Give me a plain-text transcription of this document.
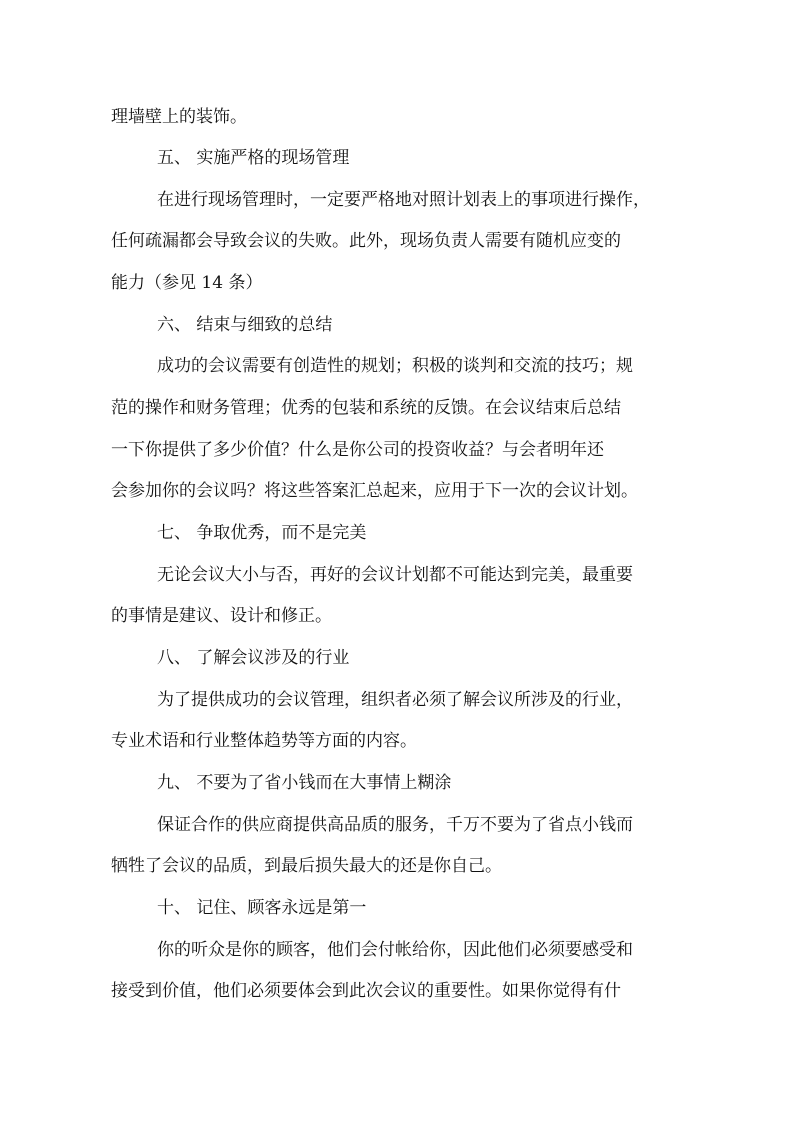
理墙壁上的装饰。
五、 实施严格的现场管理
在进行现场管理时，一定要严格地对照计划表上的事项进行操作，
任何疏漏都会导致会议的失败。此外，现场负责人需要有随机应变的
能力（参见 14 条）
六、 结束与细致的总结
成功的会议需要有创造性的规划；积极的谈判和交流的技巧；规
范的操作和财务管理；优秀的包装和系统的反馈。在会议结束后总结
一下你提供了多少价值？什么是你公司的投资收益？与会者明年还
会参加你的会议吗？将这些答案汇总起来，应用于下一次的会议计划。
七、 争取优秀，而不是完美
无论会议大小与否，再好的会议计划都不可能达到完美，最重要
的事情是建议、设计和修正。
八、 了解会议涉及的行业
为了提供成功的会议管理，组织者必须了解会议所涉及的行业，
专业术语和行业整体趋势等方面的内容。
九、 不要为了省小钱而在大事情上糊涂
保证合作的供应商提供高品质的服务，千万不要为了省点小钱而
牺牲了会议的品质，到最后损失最大的还是你自己。
十、 记住、顾客永远是第一
你的听众是你的顾客，他们会付帐给你，因此他们必须要感受和
接受到价值，他们必须要体会到此次会议的重要性。如果你觉得有什
